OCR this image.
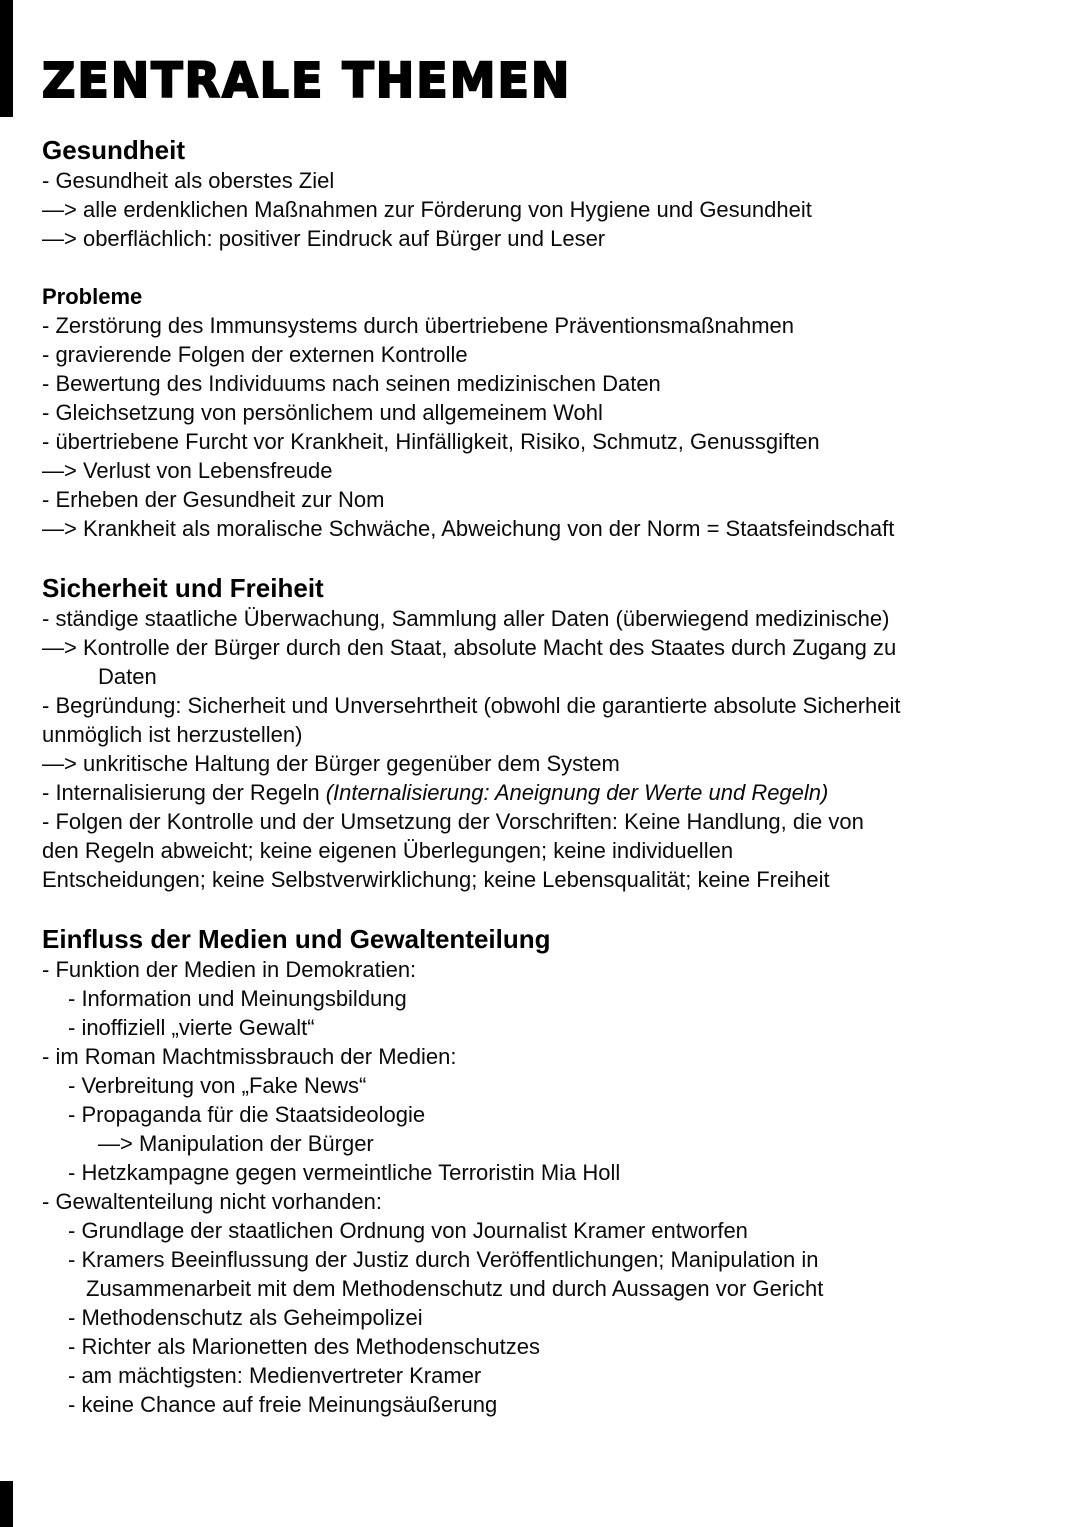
ZENTRALE THEMEN
Gesundheit
- Gesundheit als oberstes Ziel
—> alle erdenklichen Maßnahmen zur Förderung von Hygiene und Gesundheit
—> oberflächlich: positiver Eindruck auf Bürger und Leser
Probleme
- Zerstörung des Immunsystems durch übertriebene Präventionsmaßnahmen
- gravierende Folgen der externen Kontrolle
- Bewertung des Individuums nach seinen medizinischen Daten
- Gleichsetzung von persönlichem und allgemeinem Wohl
- übertriebene Furcht vor Krankheit, Hinfälligkeit, Risiko, Schmutz, Genussgiften
—> Verlust von Lebensfreude
- Erheben der Gesundheit zur Nom
—> Krankheit als moralische Schwäche, Abweichung von der Norm = Staatsfeindschaft
Sicherheit und Freiheit
- ständige staatliche Überwachung, Sammlung aller Daten (überwiegend medizinische)
—> Kontrolle der Bürger durch den Staat, absolute Macht des Staates durch Zugang zu
Daten
- Begründung: Sicherheit und Unversehrtheit (obwohl die garantierte absolute Sicherheit
unmöglich ist herzustellen)
—> unkritische Haltung der Bürger gegenüber dem System
- Internalisierung der Regeln (Internalisierung: Aneignung der Werte und Regeln)
- Folgen der Kontrolle und der Umsetzung der Vorschriften: Keine Handlung, die von
den Regeln abweicht; keine eigenen Überlegungen; keine individuellen
Entscheidungen; keine Selbstverwirklichung; keine Lebensqualität; keine Freiheit
Einfluss der Medien und Gewaltenteilung
- Funktion der Medien in Demokratien:
- Information und Meinungsbildung
- inoffiziell „vierte Gewalt“
- im Roman Machtmissbrauch der Medien:
- Verbreitung von „Fake News“
- Propaganda für die Staatsideologie
—> Manipulation der Bürger
- Hetzkampagne gegen vermeintliche Terroristin Mia Holl
- Gewaltenteilung nicht vorhanden:
- Grundlage der staatlichen Ordnung von Journalist Kramer entworfen
- Kramers Beeinflussung der Justiz durch Veröffentlichungen; Manipulation in
Zusammenarbeit mit dem Methodenschutz und durch Aussagen vor Gericht
- Methodenschutz als Geheimpolizei
- Richter als Marionetten des Methodenschutzes
- am mächtigsten: Medienvertreter Kramer
- keine Chance auf freie Meinungsäußerung
